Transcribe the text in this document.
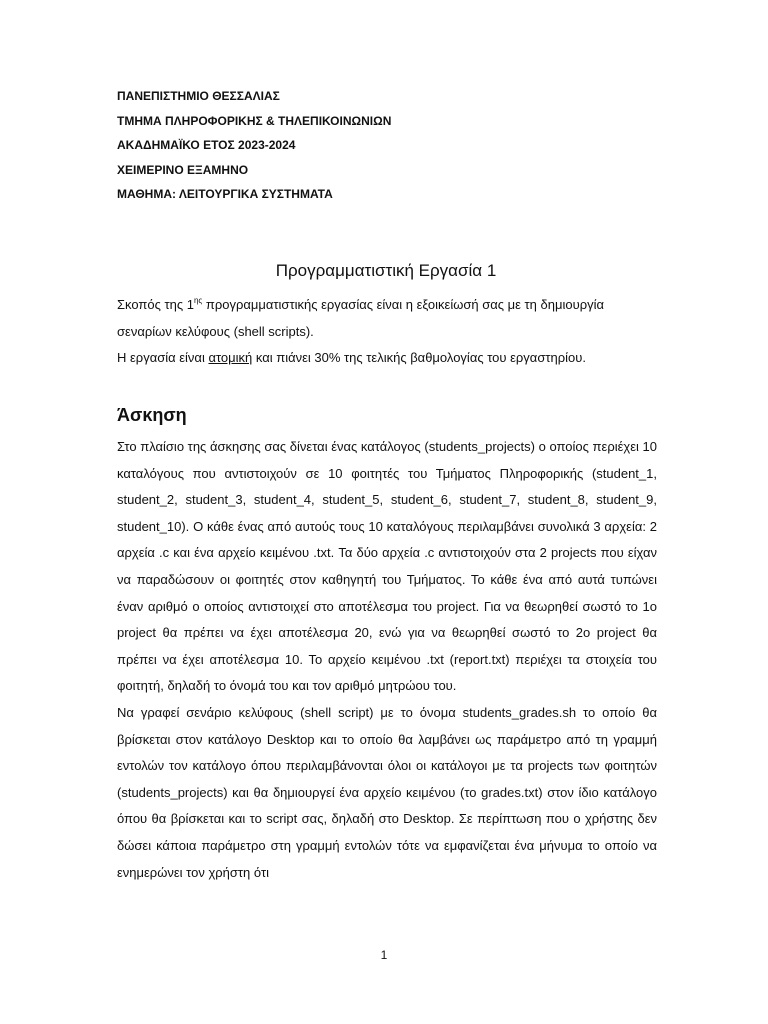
ΠΑΝΕΠΙΣΤΗΜΙΟ ΘΕΣΣΑΛΙΑΣ
ΤΜΗΜΑ ΠΛΗΡΟΦΟΡΙΚΗΣ & ΤΗΛΕΠΙΚΟΙΝΩΝΙΩΝ
ΑΚΑΔΗΜΑΪΚΟ ΕΤΟΣ 2023-2024
ΧΕΙΜΕΡΙΝΟ ΕΞΑΜΗΝΟ
ΜΑΘΗΜΑ: ΛΕΙΤΟΥΡΓΙΚΑ ΣΥΣΤΗΜΑΤΑ
Προγραμματιστική Εργασία 1

Σκοπός της $1^{\eta\varsigma}$ προγραμματιστικής εργασίας είναι η εξοικείωσή σας με τη δημιουργία σεναρίων κελύφους (shell scripts).

Η εργασία είναι ατομική και πιάνει 30% της τελικής βαθμολογίας του εργαστηρίου.

Άσκηση

Στο πλαίσιο της άσκησης σας δίνεται ένας κατάλογος (students_projects) ο οποίος περιέχει 10 καταλόγους που αντιστοιχούν σε 10 φοιτητές του Τμήματος Πληροφορικής (student_1, student_2, student_3, student_4, student_5, student_6, student_7, student_8, student_9, student_10). Ο κάθε ένας από αυτούς τους 10 καταλόγους περιλαμβάνει συνολικά 3 αρχεία: 2 αρχεία .c και ένα αρχείο κειμένου .txt. Τα δύο αρχεία .c αντιστοιχούν στα 2 projects που είχαν να παραδώσουν οι φοιτητές στον καθηγητή του Τμήματος. Το κάθε ένα από αυτά τυπώνει έναν αριθμό ο οποίος αντιστοιχεί στο αποτέλεσμα του project. Για να θεωρηθεί σωστό το 1ο project θα πρέπει να έχει αποτέλεσμα 20, ενώ για να θεωρηθεί σωστό το 2ο project θα πρέπει να έχει αποτέλεσμα 10. Το αρχείο κειμένου .txt (report.txt) περιέχει τα στοιχεία του φοιτητή, δηλαδή το όνομά του και τον αριθμό μητρώου του.

Να γραφεί σενάριο κελύφους (shell script) με το όνομα students_grades.sh το οποίο θα βρίσκεται στον κατάλογο Desktop και το οποίο θα λαμβάνει ως παράμετρο από τη γραμμή εντολών τον κατάλογο όπου περιλαμβάνονται όλοι οι κατάλογοι με τα projects των φοιτητών (students_projects) και θα δημιουργεί ένα αρχείο κειμένου (το grades.txt) στον ίδιο κατάλογο όπου θα βρίσκεται και το script σας, δηλαδή στο Desktop. Σε περίπτωση που ο χρήστης δεν δώσει κάποια παράμετρο στη γραμμή εντολών τότε να εμφανίζεται ένα μήνυμα το οποίο να ενημερώνει τον χρήστη ότι

1
